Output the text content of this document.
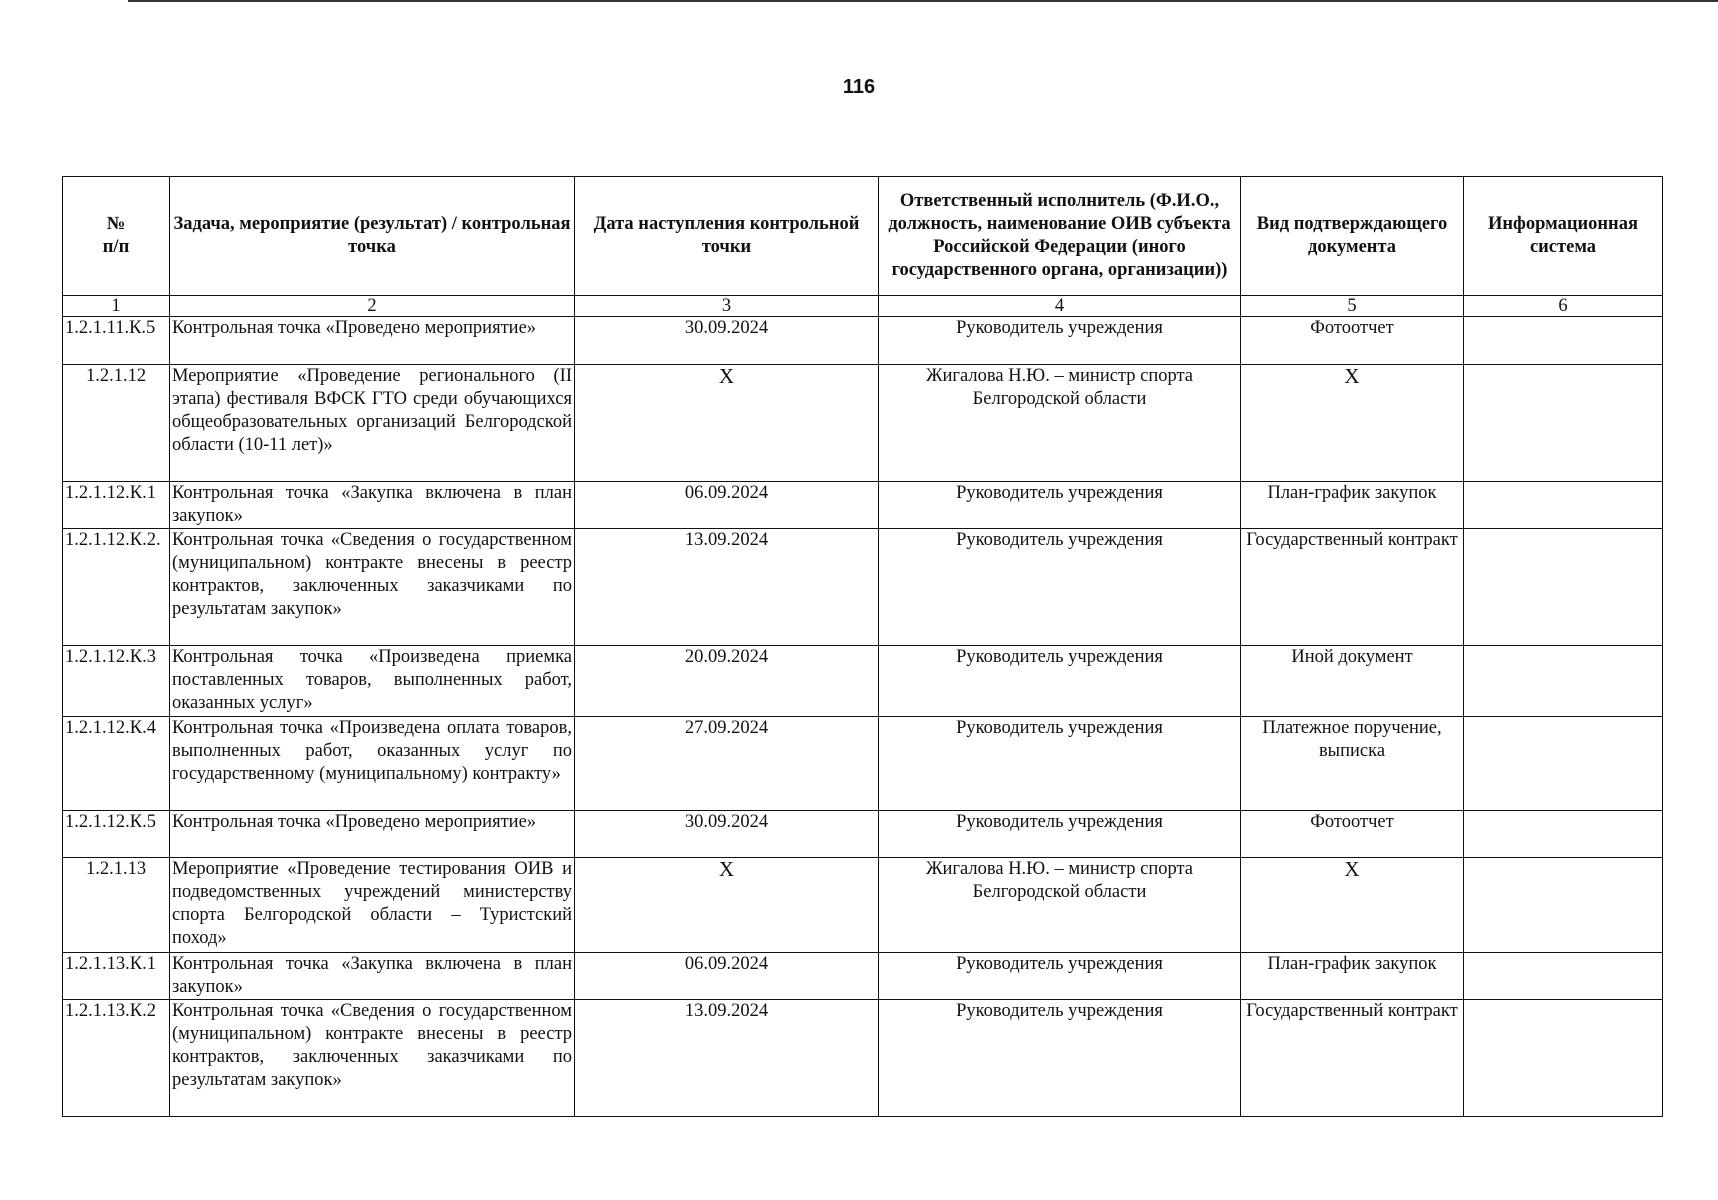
116
№
п/п	Задача, мероприятие (результат) / контрольная точка	Дата наступления контрольной точки	Ответственный исполнитель (Ф.И.О., должность, наименование ОИВ субъекта Российской Федерации (иного государственного органа, организации))	Вид подтверждающего документа	Информационная система
1	2	3	4	5	6
1.2.1.11.К.5	Контрольная точка «Проведено мероприятие»	30.09.2024	Руководитель учреждения	Фотоотчет	
1.2.1.12	Мероприятие «Проведение регионального (II этапа) фестиваля ВФСК ГТО среди обучающихся общеобразовательных организаций Белгородской области (10-11 лет)»	Х	Жигалова Н.Ю. – министр спорта Белгородской области	Х	
1.2.1.12.К.1	Контрольная точка «Закупка включена в план закупок»	06.09.2024	Руководитель учреждения	План-график закупок	
1.2.1.12.К.2.	Контрольная точка «Сведения о государственном (муниципальном) контракте внесены в реестр контрактов, заключенных заказчиками по результатам закупок»	13.09.2024	Руководитель учреждения	Государственный контракт	
1.2.1.12.К.3	Контрольная точка «Произведена приемка поставленных товаров, выполненных работ, оказанных услуг»	20.09.2024	Руководитель учреждения	Иной документ	
1.2.1.12.К.4	Контрольная точка «Произведена оплата товаров, выполненных работ, оказанных услуг по государственному (муниципальному) контракту»	27.09.2024	Руководитель учреждения	Платежное поручение, выписка	
1.2.1.12.К.5	Контрольная точка «Проведено мероприятие»	30.09.2024	Руководитель учреждения	Фотоотчет	
1.2.1.13	Мероприятие «Проведение тестирования ОИВ и подведомственных учреждений министерству спорта Белгородской области – Туристский поход»	Х	Жигалова Н.Ю. – министр спорта Белгородской области	Х	
1.2.1.13.К.1	Контрольная точка «Закупка включена в план закупок»	06.09.2024	Руководитель учреждения	План-график закупок	
1.2.1.13.К.2	Контрольная точка «Сведения о государственном (муниципальном) контракте внесены в реестр контрактов, заключенных заказчиками по результатам закупок»	13.09.2024	Руководитель учреждения	Государственный контракт	
